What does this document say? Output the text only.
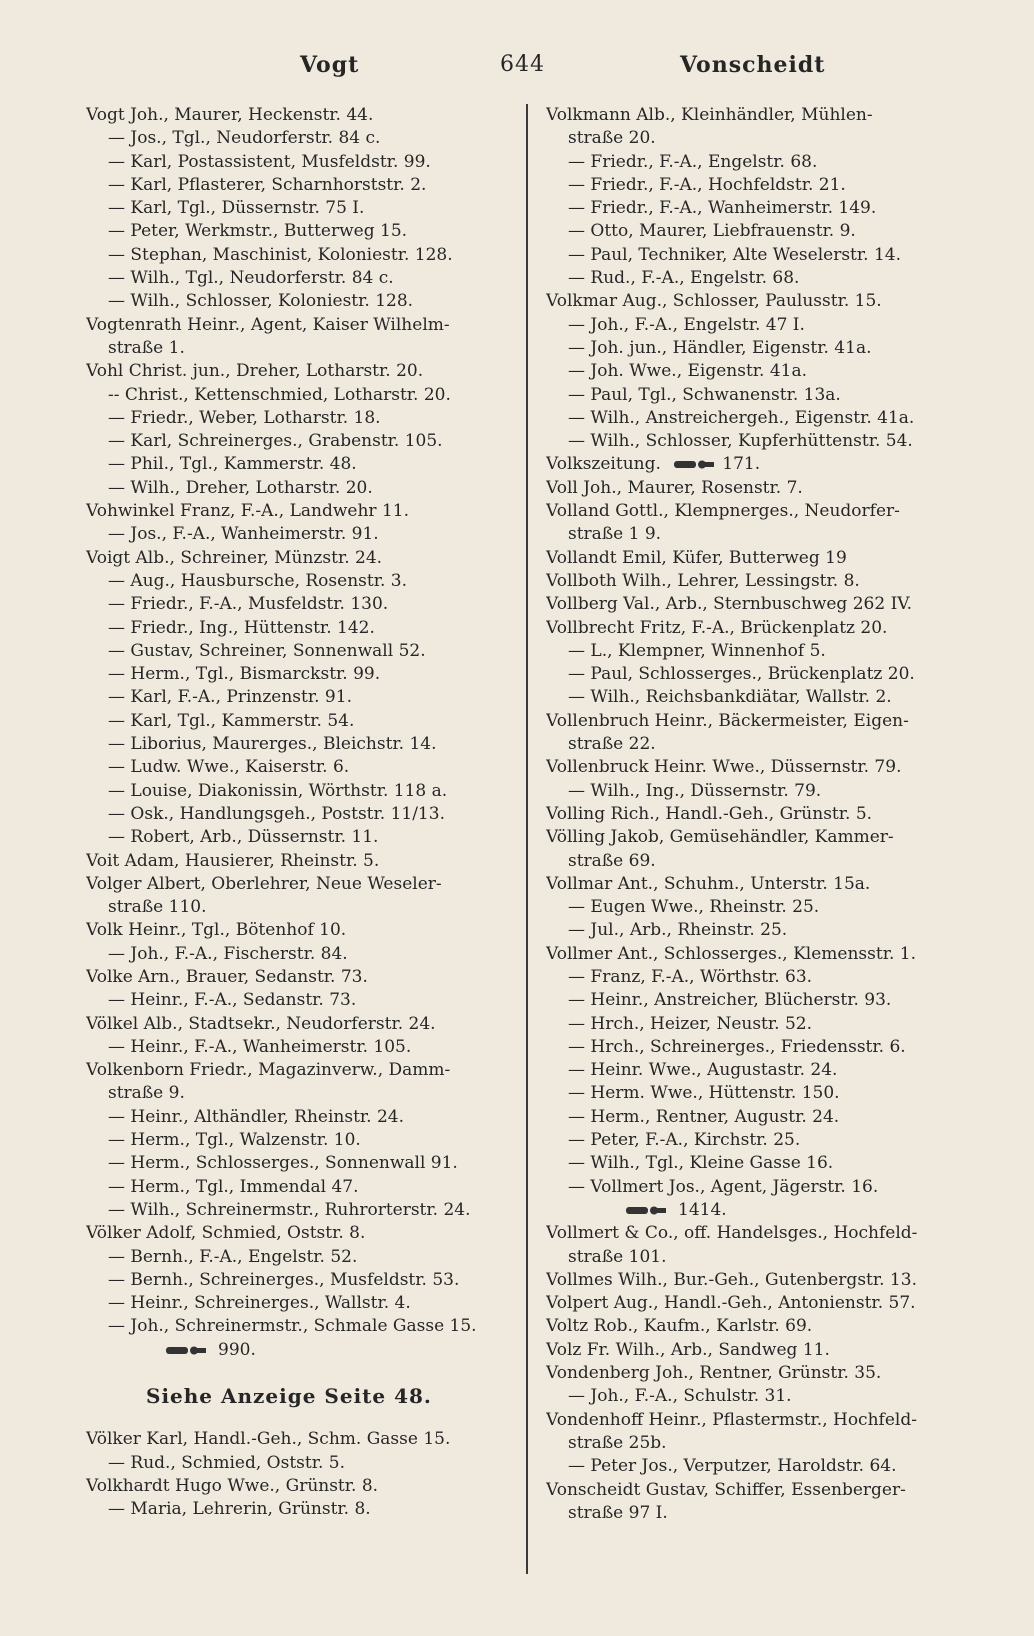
Vogt	644	Vonscheidt
Vogt Joh., Maurer, Heckenstr. 44.
— Jos., Tgl., Neudorferstr. 84 c.
— Karl, Postassistent, Musfeldstr. 99.
— Karl, Pflasterer, Scharnhorststr. 2.
— Karl, Tgl., Düssernstr. 75 I.
— Peter, Werkmstr., Butterweg 15.
— Stephan, Maschinist, Koloniestr. 128.
— Wilh., Tgl., Neudorferstr. 84 c.
— Wilh., Schlosser, Koloniestr. 128.
Vogtenrath Heinr., Agent, Kaiser Wilhelm-
straße 1.
Vohl Christ. jun., Dreher, Lotharstr. 20.
-- Christ., Kettenschmied, Lotharstr. 20.
— Friedr., Weber, Lotharstr. 18.
— Karl, Schreinerges., Grabenstr. 105.
— Phil., Tgl., Kammerstr. 48.
— Wilh., Dreher, Lotharstr. 20.
Vohwinkel Franz, F.-A., Landwehr 11.
— Jos., F.-A., Wanheimerstr. 91.
Voigt Alb., Schreiner, Münzstr. 24.
— Aug., Hausbursche, Rosenstr. 3.
— Friedr., F.-A., Musfeldstr. 130.
— Friedr., Ing., Hüttenstr. 142.
— Gustav, Schreiner, Sonnenwall 52.
— Herm., Tgl., Bismarckstr. 99.
— Karl, F.-A., Prinzenstr. 91.
— Karl, Tgl., Kammerstr. 54.
— Liborius, Maurerges., Bleichstr. 14.
— Ludw. Wwe., Kaiserstr. 6.
— Louise, Diakonissin, Wörthstr. 118 a.
— Osk., Handlungsgeh., Poststr. 11/13.
— Robert, Arb., Düssernstr. 11.
Voit Adam, Hausierer, Rheinstr. 5.
Volger Albert, Oberlehrer, Neue Weseler-
straße 110.
Volk Heinr., Tgl., Bötenhof 10.
— Joh., F.-A., Fischerstr. 84.
Volke Arn., Brauer, Sedanstr. 73.
— Heinr., F.-A., Sedanstr. 73.
Völkel Alb., Stadtsekr., Neudorferstr. 24.
— Heinr., F.-A., Wanheimerstr. 105.
Volkenborn Friedr., Magazinverw., Damm-
straße 9.
— Heinr., Althändler, Rheinstr. 24.
— Herm., Tgl., Walzenstr. 10.
— Herm., Schlosserges., Sonnenwall 91.
— Herm., Tgl., Immendal 47.
— Wilh., Schreinermstr., Ruhrorterstr. 24.
Völker Adolf, Schmied, Oststr. 8.
— Bernh., F.-A., Engelstr. 52.
— Bernh., Schreinerges., Musfeldstr. 53.
— Heinr., Schreinerges., Wallstr. 4.
— Joh., Schreinermstr., Schmale Gasse 15.
990.
Siehe Anzeige Seite 48.
Völker Karl, Handl.-Geh., Schm. Gasse 15.
— Rud., Schmied, Oststr. 5.
Volkhardt Hugo Wwe., Grünstr. 8.
— Maria, Lehrerin, Grünstr. 8.
Volkmann Alb., Kleinhändler, Mühlen-
straße 20.
— Friedr., F.-A., Engelstr. 68.
— Friedr., F.-A., Hochfeldstr. 21.
— Friedr., F.-A., Wanheimerstr. 149.
— Otto, Maurer, Liebfrauenstr. 9.
— Paul, Techniker, Alte Weselerstr. 14.
— Rud., F.-A., Engelstr. 68.
Volkmar Aug., Schlosser, Paulusstr. 15.
— Joh., F.-A., Engelstr. 47 I.
— Joh. jun., Händler, Eigenstr. 41a.
— Joh. Wwe., Eigenstr. 41a.
— Paul, Tgl., Schwanenstr. 13a.
— Wilh., Anstreichergeh., Eigenstr. 41a.
— Wilh., Schlosser, Kupferhüttenstr. 54.
Volkszeitung.	171.
Voll Joh., Maurer, Rosenstr. 7.
Volland Gottl., Klempnerges., Neudorfer-
straße 1 9.
Vollandt Emil, Küfer, Butterweg 19
Vollboth Wilh., Lehrer, Lessingstr. 8.
Vollberg Val., Arb., Sternbuschweg 262 IV.
Vollbrecht Fritz, F.-A., Brückenplatz 20.
— L., Klempner, Winnenhof 5.
— Paul, Schlosserges., Brückenplatz 20.
— Wilh., Reichsbankdiätar, Wallstr. 2.
Vollenbruch Heinr., Bäckermeister, Eigen-
straße 22.
Vollenbruck Heinr. Wwe., Düssernstr. 79.
— Wilh., Ing., Düssernstr. 79.
Volling Rich., Handl.-Geh., Grünstr. 5.
Völling Jakob, Gemüsehändler, Kammer-
straße 69.
Vollmar Ant., Schuhm., Unterstr. 15a.
— Eugen Wwe., Rheinstr. 25.
— Jul., Arb., Rheinstr. 25.
Vollmer Ant., Schlosserges., Klemensstr. 1.
— Franz, F.-A., Wörthstr. 63.
— Heinr., Anstreicher, Blücherstr. 93.
— Hrch., Heizer, Neustr. 52.
— Hrch., Schreinerges., Friedensstr. 6.
— Heinr. Wwe., Augustastr. 24.
— Herm. Wwe., Hüttenstr. 150.
— Herm., Rentner, Augustr. 24.
— Peter, F.-A., Kirchstr. 25.
— Wilh., Tgl., Kleine Gasse 16.
— Vollmert Jos., Agent, Jägerstr. 16.
1414.
Vollmert & Co., off. Handelsges., Hochfeld-
straße 101.
Vollmes Wilh., Bur.-Geh., Gutenbergstr. 13.
Volpert Aug., Handl.-Geh., Antonienstr. 57.
Voltz Rob., Kaufm., Karlstr. 69.
Volz Fr. Wilh., Arb., Sandweg 11.
Vondenberg Joh., Rentner, Grünstr. 35.
— Joh., F.-A., Schulstr. 31.
Vondenhoff Heinr., Pflastermstr., Hochfeld-
straße 25b.
— Peter Jos., Verputzer, Haroldstr. 64.
Vonscheidt Gustav, Schiffer, Essenberger-
straße 97 I.
